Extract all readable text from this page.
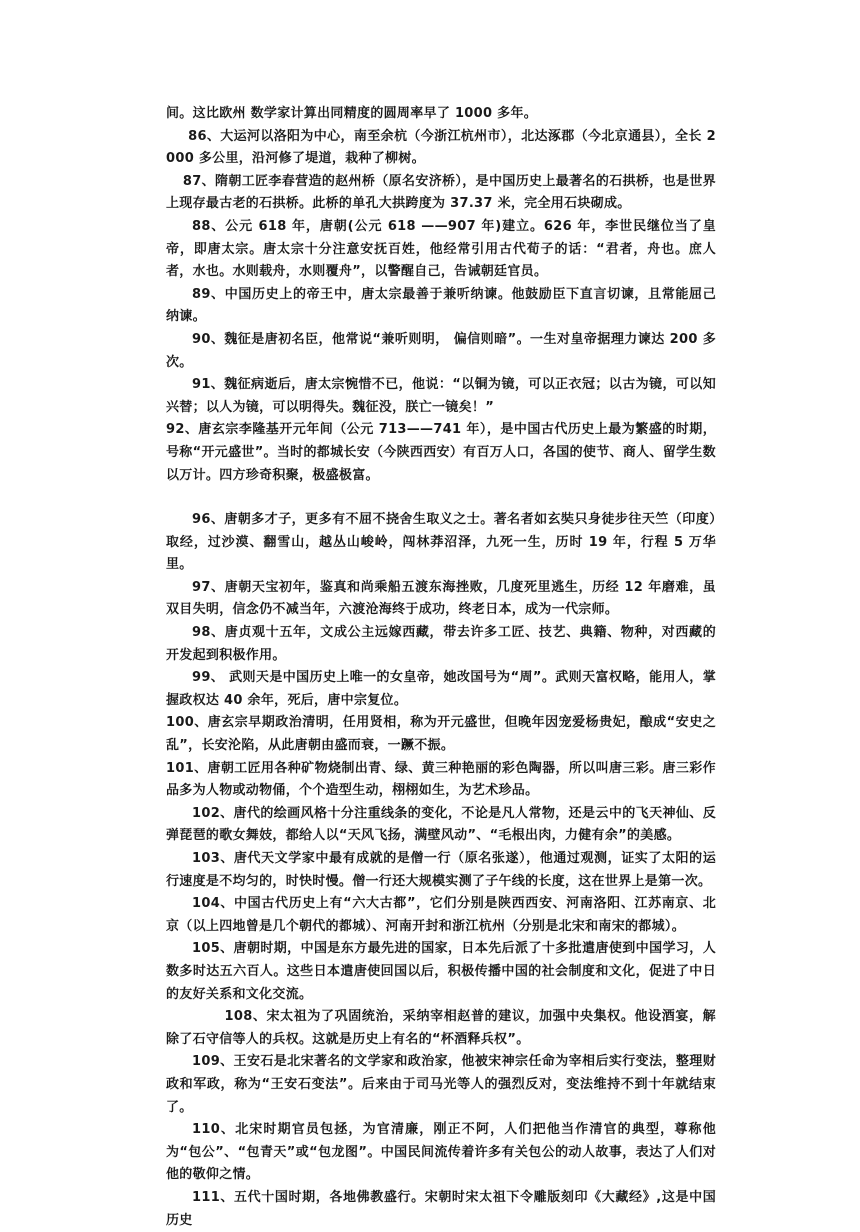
间。这比欧州 数学家计算出同精度的圆周率早了 1000 多年。

86、大运河以洛阳为中心，南至余杭（今浙江杭州市），北达涿郡（今北京通县），全长 2000 多公里，沿河修了堤道，栽种了柳树。

87、隋朝工匠李春营造的赵州桥（原名安济桥），是中国历史上最著名的石拱桥，也是世界上现存最古老的石拱桥。此桥的单孔大拱跨度为 37.37 米，完全用石块砌成。

88、公元 618 年，唐朝(公元 618 ——907 年)建立。626 年，李世民继位当了皇帝，即唐太宗。唐太宗十分注意安抚百姓，他经常引用古代荀子的话：“君者，舟也。庶人者，水也。水则载舟，水则覆舟”，以警醒自己，告诫朝廷官员。

89、中国历史上的帝王中，唐太宗最善于兼听纳谏。他鼓励臣下直言切谏，且常能屈己纳谏。

90、魏征是唐初名臣，他常说“兼听则明， 偏信则暗”。一生对皇帝据理力谏达 200 多次。

91、魏征病逝后，唐太宗惋惜不已，他说：“以铜为镜，可以正衣冠；以古为镜，可以知兴替；以人为镜，可以明得失。魏征没，朕亡一镜矣！”

92、唐玄宗李隆基开元年间（公元 713——741 年），是中国古代历史上最为繁盛的时期，号称“开元盛世”。当时的都城长安（今陕西西安）有百万人口，各国的使节、商人、留学生数以万计。四方珍奇积聚，极盛极富。

96、唐朝多才子，更多有不屈不挠舍生取义之士。著名者如玄奘只身徒步往天竺（印度）取经，过沙漠、翻雪山，越丛山峻岭，闯林莽沼泽，九死一生，历时 19 年，行程 5 万华里。

97、唐朝天宝初年，鉴真和尚乘船五渡东海挫败，几度死里逃生，历经 12 年磨难，虽双目失明，信念仍不减当年，六渡沧海终于成功，终老日本，成为一代宗师。

98、唐贞观十五年，文成公主远嫁西藏，带去许多工匠、技艺、典籍、物种，对西藏的开发起到积极作用。

99、 武则天是中国历史上唯一的女皇帝，她改国号为“周”。武则天富权略，能用人，掌握政权达 40 余年，死后，唐中宗复位。

100、唐玄宗早期政治清明，任用贤相，称为开元盛世，但晚年因宠爱杨贵妃，酿成“安史之乱”，长安沦陷，从此唐朝由盛而衰，一蹶不振。

101、唐朝工匠用各种矿物烧制出青、绿、黄三种艳丽的彩色陶器，所以叫唐三彩。唐三彩作品多为人物或动物俑，个个造型生动，栩栩如生，为艺术珍品。

102、唐代的绘画风格十分注重线条的变化，不论是凡人常物，还是云中的飞天神仙、反弹琵琶的歌女舞妓，都给人以“天风飞扬，满壁风动”、“毛根出肉，力健有余”的美感。

103、唐代天文学家中最有成就的是僧一行（原名张遂），他通过观测，证实了太阳的运行速度是不均匀的，时快时慢。僧一行还大规模实测了子午线的长度，这在世界上是第一次。

104、中国古代历史上有“六大古都”，它们分别是陕西西安、河南洛阳、江苏南京、北京（以上四地曾是几个朝代的都城）、河南开封和浙江杭州（分别是北宋和南宋的都城）。

105、唐朝时期，中国是东方最先进的国家，日本先后派了十多批遣唐使到中国学习，人数多时达五六百人。这些日本遣唐使回国以后，积极传播中国的社会制度和文化，促进了中日的友好关系和文化交流。

108、宋太祖为了巩固统治，采纳宰相赵普的建议，加强中央集权。他设酒宴，解除了石守信等人的兵权。这就是历史上有名的“杯酒释兵权”。

109、王安石是北宋著名的文学家和政治家，他被宋神宗任命为宰相后实行变法，整理财政和军政，称为“王安石变法”。后来由于司马光等人的强烈反对，变法维持不到十年就结束了。

110、北宋时期官员包拯，为官清廉，刚正不阿，人们把他当作清官的典型，尊称他为“包公”、“包青天”或“包龙图”。中国民间流传着许多有关包公的动人故事，表达了人们对他的敬仰之情。

111、五代十国时期，各地佛教盛行。宋朝时宋太祖下令雕版刻印《大藏经》,这是中国历史
